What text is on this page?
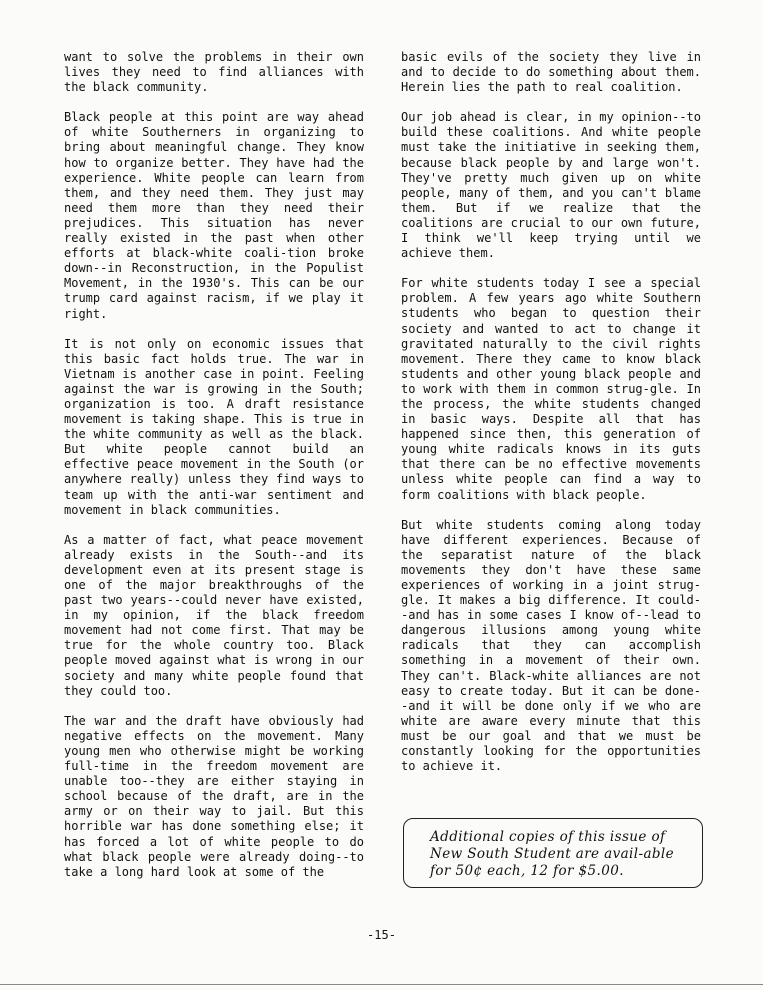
want to solve the problems in their own lives they need to find alliances with the black community.

Black people at this point are way ahead of white Southerners in organizing to bring about meaningful change. They know how to organize better. They have had the experience. White people can learn from them, and they need them. They just may need them more than they need their prejudices. This situation has never really existed in the past when other efforts at black-white coali-tion broke down--in Reconstruction, in the Populist Movement, in the 1930's. This can be our trump card against racism, if we play it right.

It is not only on economic issues that this basic fact holds true. The war in Vietnam is another case in point. Feeling against the war is growing in the South; organization is too. A draft resistance movement is taking shape. This is true in the white community as well as the black. But white people cannot build an effective peace movement in the South (or anywhere really) unless they find ways to team up with the anti-war sentiment and movement in black communities.

As a matter of fact, what peace movement already exists in the South--and its development even at its present stage is one of the major breakthroughs of the past two years--could never have existed, in my opinion, if the black freedom movement had not come first. That may be true for the whole country too. Black people moved against what is wrong in our society and many white people found that they could too.

The war and the draft have obviously had negative effects on the movement. Many young men who otherwise might be working full-time in the freedom movement are unable too--they are either staying in school because of the draft, are in the army or on their way to jail. But this horrible war has done something else; it has forced a lot of white people to do what black people were already doing--to take a long hard look at some of the

basic evils of the society they live in and to decide to do something about them. Herein lies the path to real coalition.

Our job ahead is clear, in my opinion--to build these coalitions. And white people must take the initiative in seeking them, because black people by and large won't. They've pretty much given up on white people, many of them, and you can't blame them. But if we realize that the coalitions are crucial to our own future, I think we'll keep trying until we achieve them.

For white students today I see a special problem. A few years ago white Southern students who began to question their society and wanted to act to change it gravitated naturally to the civil rights movement. There they came to know black students and other young black people and to work with them in common strug-gle. In the process, the white students changed in basic ways. Despite all that has happened since then, this generation of young white radicals knows in its guts that there can be no effective movements unless white people can find a way to form coalitions with black people.

But white students coming along today have different experiences. Because of the separatist nature of the black movements they don't have these same experiences of working in a joint strug-gle. It makes a big difference. It could--and has in some cases I know of--lead to dangerous illusions among young white radicals that they can accomplish something in a movement of their own. They can't. Black-white alliances are not easy to create today. But it can be done--and it will be done only if we who are white are aware every minute that this must be our goal and that we must be constantly looking for the opportunities to achieve it.

Additional copies of this issue of New South Student are avail-able for 50¢ each, 12 for $5.00.
-15-
